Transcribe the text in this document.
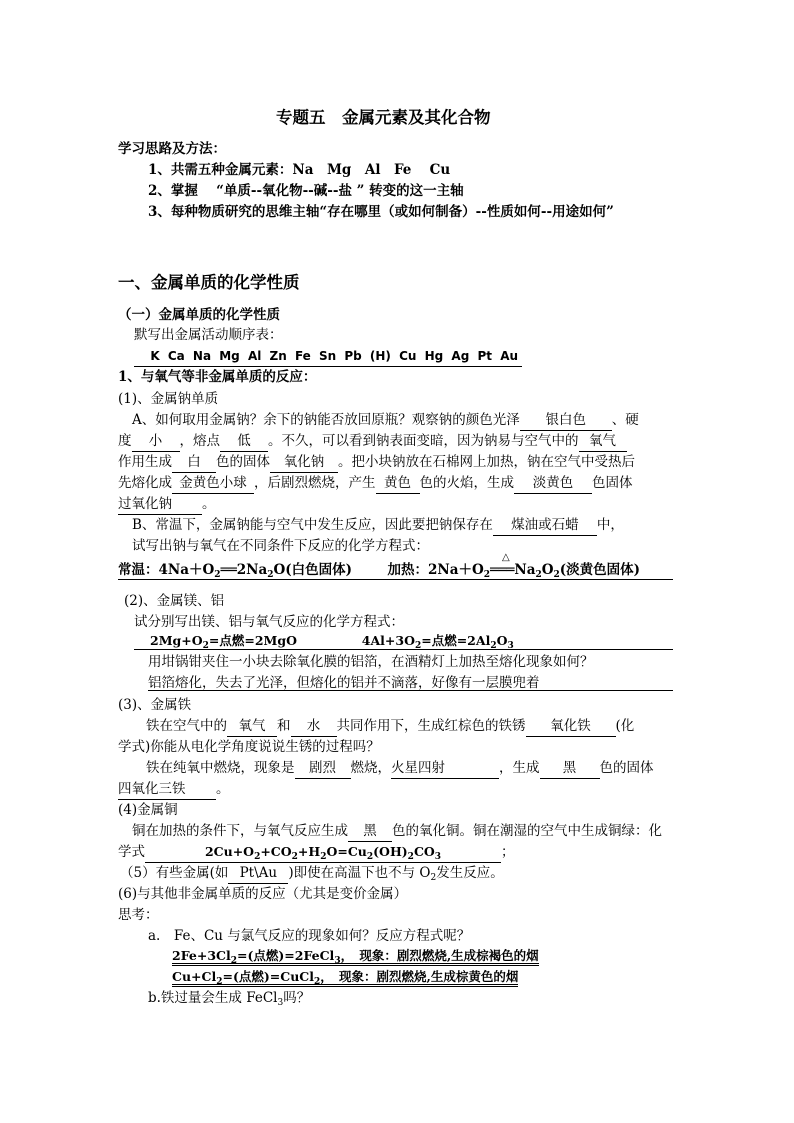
专题五　金属元素及其化合物
学习思路及方法：
1、共需五种金属元素：Na　Mg　Al　Fe　 Cu
2、掌握　 “单质--氧化物--碱--盐 ” 转变的这一主轴
3、每种物质研究的思维主轴“存在哪里（或如何制备）--性质如何--用途如何”
一、金属单质的化学性质
（一）金属单质的化学性质
默写出金属活动顺序表：
K Ca Na Mg Al Zn Fe Sn Pb (H) Cu Hg Ag Pt Au
1、与氧气等非金属单质的反应：
(1)、金属钠单质
A、如何取用金属钠？余下的钠能否放回原瓶？观察钠的颜色光泽 银白色 、硬
度 小 ，熔点 低 。不久，可以看到钠表面变暗，因为钠易与空气中的 氧气
作用生成 白 色的固体 氧化钠 。把小块钠放在石棉网上加热，钠在空气中受热后
先熔化成 金黄色小球 ，后剧烈燃烧，产生 黄色 色的火焰，生成 淡黄色 色固体
过氧化钠 。
B、常温下，金属钠能与空气中发生反应，因此要把钠保存在 煤油或石蜡 中，
试写出钠与氧气在不同条件下反应的化学方程式：
常温：$4Na+O_2══2Na_2O$(白色固体)	加热：$2Na+O_2$
△
$═══Na_2O_2$(淡黄色固体)
(2)、金属镁、铝
试分别写出镁、铝与氧气反应的化学方程式：
$2Mg+O_2=$点燃=2MgO	$4Al+3O_2=$点燃$=2Al_2O_3$
用坩锅钳夹住一小块去除氧化膜的铝箔，在酒精灯上加热至熔化现象如何？
铝箔熔化，失去了光泽，但熔化的铝并不滴落，好像有一层膜兜着
(3)、金属铁
铁在空气中的 氧气 和 水 共同作用下，生成红棕色的铁锈 氧化铁 (化
学式)你能从电化学角度说说生锈的过程吗？
铁在纯氧中燃烧，现象是 剧烈 燃烧，火星四射	，生成 黑 色的固体
四氧化三铁 。
(4)金属铜
铜在加热的条件下，与氧气反应生成 黑 色的氧化铜。铜在潮湿的空气中生成铜绿：化
学式	$2Cu+O_2+CO_2+H_2O=Cu_2(OH)_2CO_3$	；
（5）有些金属(如 Pt\Au )即使在高温下也不与 $O_2$发生反应。
(6)与其他非金属单质的反应（尤其是变价金属）
思考：
a.　Fe、Cu 与氯气反应的现象如何？反应方程式呢？
$2Fe+3Cl_2=$(点燃)=2FeCl$_3$，　现象：剧烈燃烧,生成棕褐色的烟
$Cu+Cl_2=$(点燃)=CuCl$_2$，　现象：剧烈燃烧,生成棕黄色的烟
b.铁过量会生成 FeCl$_3$吗？
